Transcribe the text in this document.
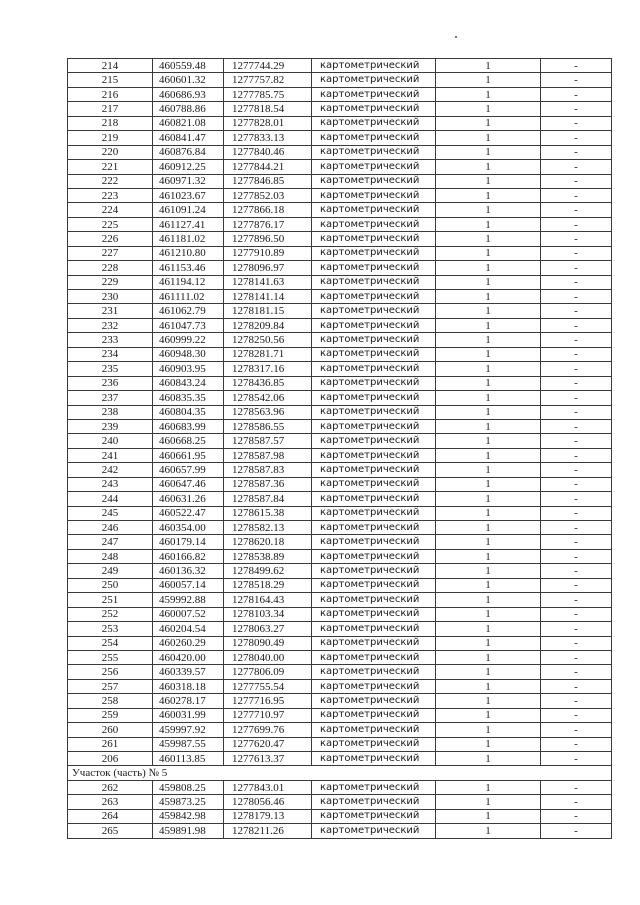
214	460559.48	1277744.29	картометрический	1	-
215	460601.32	1277757.82	картометрический	1	-
216	460686.93	1277785.75	картометрический	1	-
217	460788.86	1277818.54	картометрический	1	-
218	460821.08	1277828.01	картометрический	1	-
219	460841.47	1277833.13	картометрический	1	-
220	460876.84	1277840.46	картометрический	1	-
221	460912.25	1277844.21	картометрический	1	-
222	460971.32	1277846.85	картометрический	1	-
223	461023.67	1277852.03	картометрический	1	-
224	461091.24	1277866.18	картометрический	1	-
225	461127.41	1277876.17	картометрический	1	-
226	461181.02	1277896.50	картометрический	1	-
227	461210.80	1277910.89	картометрический	1	-
228	461153.46	1278096.97	картометрический	1	-
229	461194.12	1278141.63	картометрический	1	-
230	461111.02	1278141.14	картометрический	1	-
231	461062.79	1278181.15	картометрический	1	-
232	461047.73	1278209.84	картометрический	1	-
233	460999.22	1278250.56	картометрический	1	-
234	460948.30	1278281.71	картометрический	1	-
235	460903.95	1278317.16	картометрический	1	-
236	460843.24	1278436.85	картометрический	1	-
237	460835.35	1278542.06	картометрический	1	-
238	460804.35	1278563.96	картометрический	1	-
239	460683.99	1278586.55	картометрический	1	-
240	460668.25	1278587.57	картометрический	1	-
241	460661.95	1278587.98	картометрический	1	-
242	460657.99	1278587.83	картометрический	1	-
243	460647.46	1278587.36	картометрический	1	-
244	460631.26	1278587.84	картометрический	1	-
245	460522.47	1278615.38	картометрический	1	-
246	460354.00	1278582.13	картометрический	1	-
247	460179.14	1278620.18	картометрический	1	-
248	460166.82	1278538.89	картометрический	1	-
249	460136.32	1278499.62	картометрический	1	-
250	460057.14	1278518.29	картометрический	1	-
251	459992.88	1278164.43	картометрический	1	-
252	460007.52	1278103.34	картометрический	1	-
253	460204.54	1278063.27	картометрический	1	-
254	460260.29	1278090.49	картометрический	1	-
255	460420.00	1278040.00	картометрический	1	-
256	460339.57	1277806.09	картометрический	1	-
257	460318.18	1277755.54	картометрический	1	-
258	460278.17	1277716.95	картометрический	1	-
259	460031.99	1277710.97	картометрический	1	-
260	459997.92	1277699.76	картометрический	1	-
261	459987.55	1277620.47	картометрический	1	-
206	460113.85	1277613.37	картометрический	1	-
Участок (часть) № 5					
262	459808.25	1277843.01	картометрический	1	-
263	459873.25	1278056.46	картометрический	1	-
264	459842.98	1278179.13	картометрический	1	-
265	459891.98	1278211.26	картометрический	1	-
